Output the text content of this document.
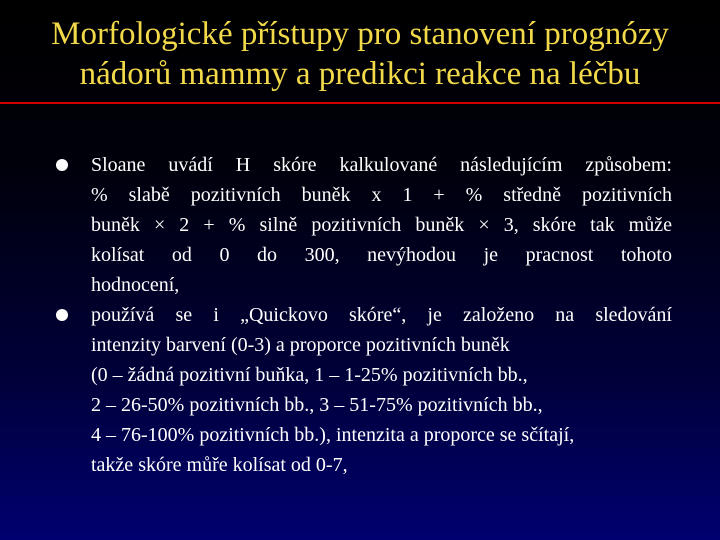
Morfologické přístupy pro stanovení prognózy
nádorů mammy a predikci reakce na léčbu
Sloane uvádí H skóre kalkulované následujícím způsobem:
% slabě pozitivních buněk x 1 + % středně pozitivních
buněk × 2 + % silně pozitivních buněk × 3, skóre tak může
kolísat od 0 do 300, nevýhodou je pracnost tohoto
hodnocení,
používá se i „Quickovo skóre“, je založeno na sledování
intenzity barvení (0-3) a proporce pozitivních buněk
(0 – žádná pozitivní buňka, 1 – 1-25% pozitivních bb.,
2 – 26-50% pozitivních bb., 3 – 51-75% pozitivních bb.,
4 – 76-100% pozitivních bb.), intenzita a proporce se sčítají,
takže skóre můře kolísat od 0-7,
